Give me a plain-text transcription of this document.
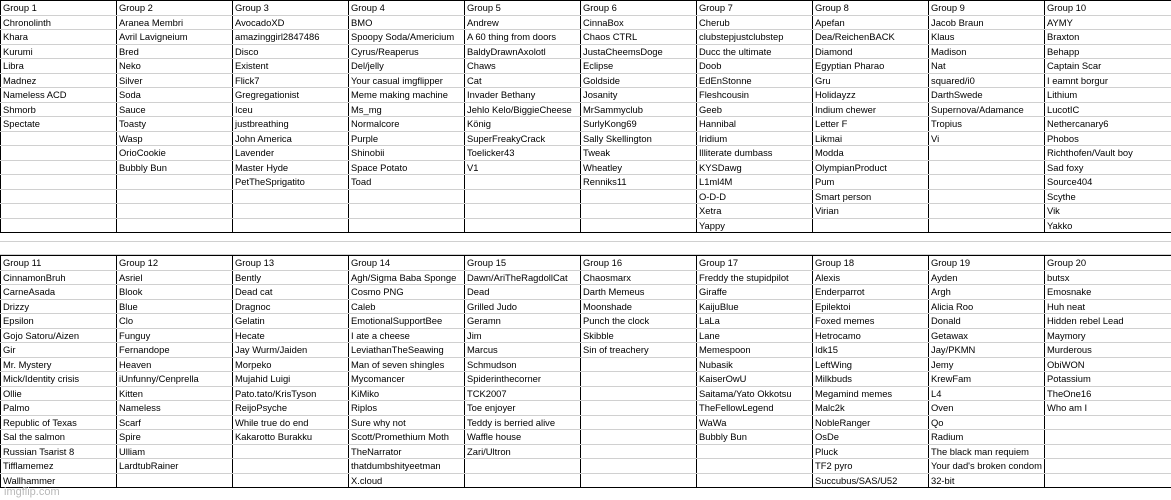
Group 1	Group 2	Group 3	Group 4	Group 5	Group 6	Group 7	Group 8	Group 9	Group 10
Chronolinth	Aranea Membri	AvocadoXD	BMO	Andrew	CinnaBox	Cherub	Apefan	Jacob Braun	AYMY
Khara	Avril Lavigneium	amazinggirl2847486	Spoopy Soda/Americium	A 60 thing from doors	Chaos CTRL	clubstepjustclubstep	Dea/ReichenBACK	Klaus	Braxton
Kurumi	Bred	Disco	Cyrus/Reaperus	BaldyDrawnAxolotl	JustaCheemsDoge	Ducc the ultimate	Diamond	Madison	Behapp
Libra	Neko	Existent	Del/jelly	Chaws	Eclipse	Doob	Egyptian Pharao	Nat	Captain Scar
Madnez	Silver	Flick7	Your casual imgflipper	Cat	Goldside	EdEnStonne	Gru	squared/i0	I eamnt borgur
Nameless ACD	Soda	Gregregationist	Meme making machine	Invader Bethany	Josanity	Fleshcousin	Holidayzz	DarthSwede	Lithium
Shmorb	Sauce	Iceu	Ms_mg	Jehlo Kelo/BiggieCheese	MrSammyclub	Geeb	Indium chewer	Supernova/Adamance	LucotIC
Spectate	Toasty	justbreathing	Normalcore	König	SurlyKong69	Hannibal	Letter F	Tropius	Nethercanary6
	Wasp	John America	Purple	SuperFreakyCrack	Sally Skellington	Iridium	Likmai	Vi	Phobos
	OrioCookie	Lavender	Shinobii	Toelicker43	Tweak	Illiterate dumbass	Modda		Richthofen/Vault boy
	Bubbly Bun	Master Hyde	Space Potato	V1	Wheatley	KYSDawg	OlympianProduct		Sad foxy
		PetTheSprigatito	Toad		Renniks11	L1ml4M	Pum		Source404
						O-D-D	Smart person		Scythe
						Xetra	Virian		Vik
						Yappy			Yakko
Group 11	Group 12	Group 13	Group 14	Group 15	Group 16	Group 17	Group 18	Group 19	Group 20
CinnamonBruh	Asriel	Bently	Agh/Sigma Baba Sponge	Dawn/AriTheRagdollCat	Chaosmarx	Freddy the stupidpilot	Alexis	Ayden	butsx
CarneAsada	Blook	Dead cat	Cosmo PNG	Dead	Darth Memeus	Giraffe	Enderparrot	Argh	Emosnake
Drizzy	Blue	Dragnoc	Caleb	Grilled Judo	Moonshade	KaijuBlue	Epilektoi	Alicia Roo	Huh neat
Epsilon	Clo	Gelatin	EmotionalSupportBee	Geramn	Punch the clock	LaLa	Foxed memes	Donald	Hidden rebel Lead
Gojo Satoru/Aizen	Funguy	Hecate	I ate a cheese	Jim	Skibble	Lane	Hetrocamo	Getawax	Maymory
Gir	Fernandope	Jay Wurm/Jaiden	LeviathanTheSeawing	Marcus	Sin of treachery	Memespoon	Idk15	Jay/PKMN	Murderous
Mr. Mystery	Heaven	Morpeko	Man of seven shingles	Schmudson		Nubasik	LeftWing	Jemy	ObiWON
Mick/Identity crisis	iUnfunny/Cenprella	Mujahid Luigi	Mycomancer	Spiderinthecorner		KaiserOwU	Milkbuds	KrewFam	Potassium
Ollie	Kitten	Pato.tato/KrisTyson	KiMiko	TCK2007		Saitama/Yato Okkotsu	Megamind memes	L4	TheOne16
Palmo	Nameless	ReijoPsyche	Riplos	Toe enjoyer		TheFellowLegend	Malc2k	Oven	Who am I
Republic of Texas	Scarf	While true do end	Sure why not	Teddy is berried alive		WaWa	NobleRanger	Qo	
Sal the salmon	Spire	Kakarotto Burakku	Scott/Promethium Moth	Waffle house		Bubbly Bun	OsDe	Radium	
Russian Tsarist 8	Ulliam		TheNarrator	Zari/Ultron			Pluck	The black man requiem	
Tifflamemez	LardtubRainer		thatdumbshityeetman				TF2 pyro	Your dad's broken condom	
Wallhammer			X.cloud				Succubus/SAS/U52	32-bit	
imgflip.com
